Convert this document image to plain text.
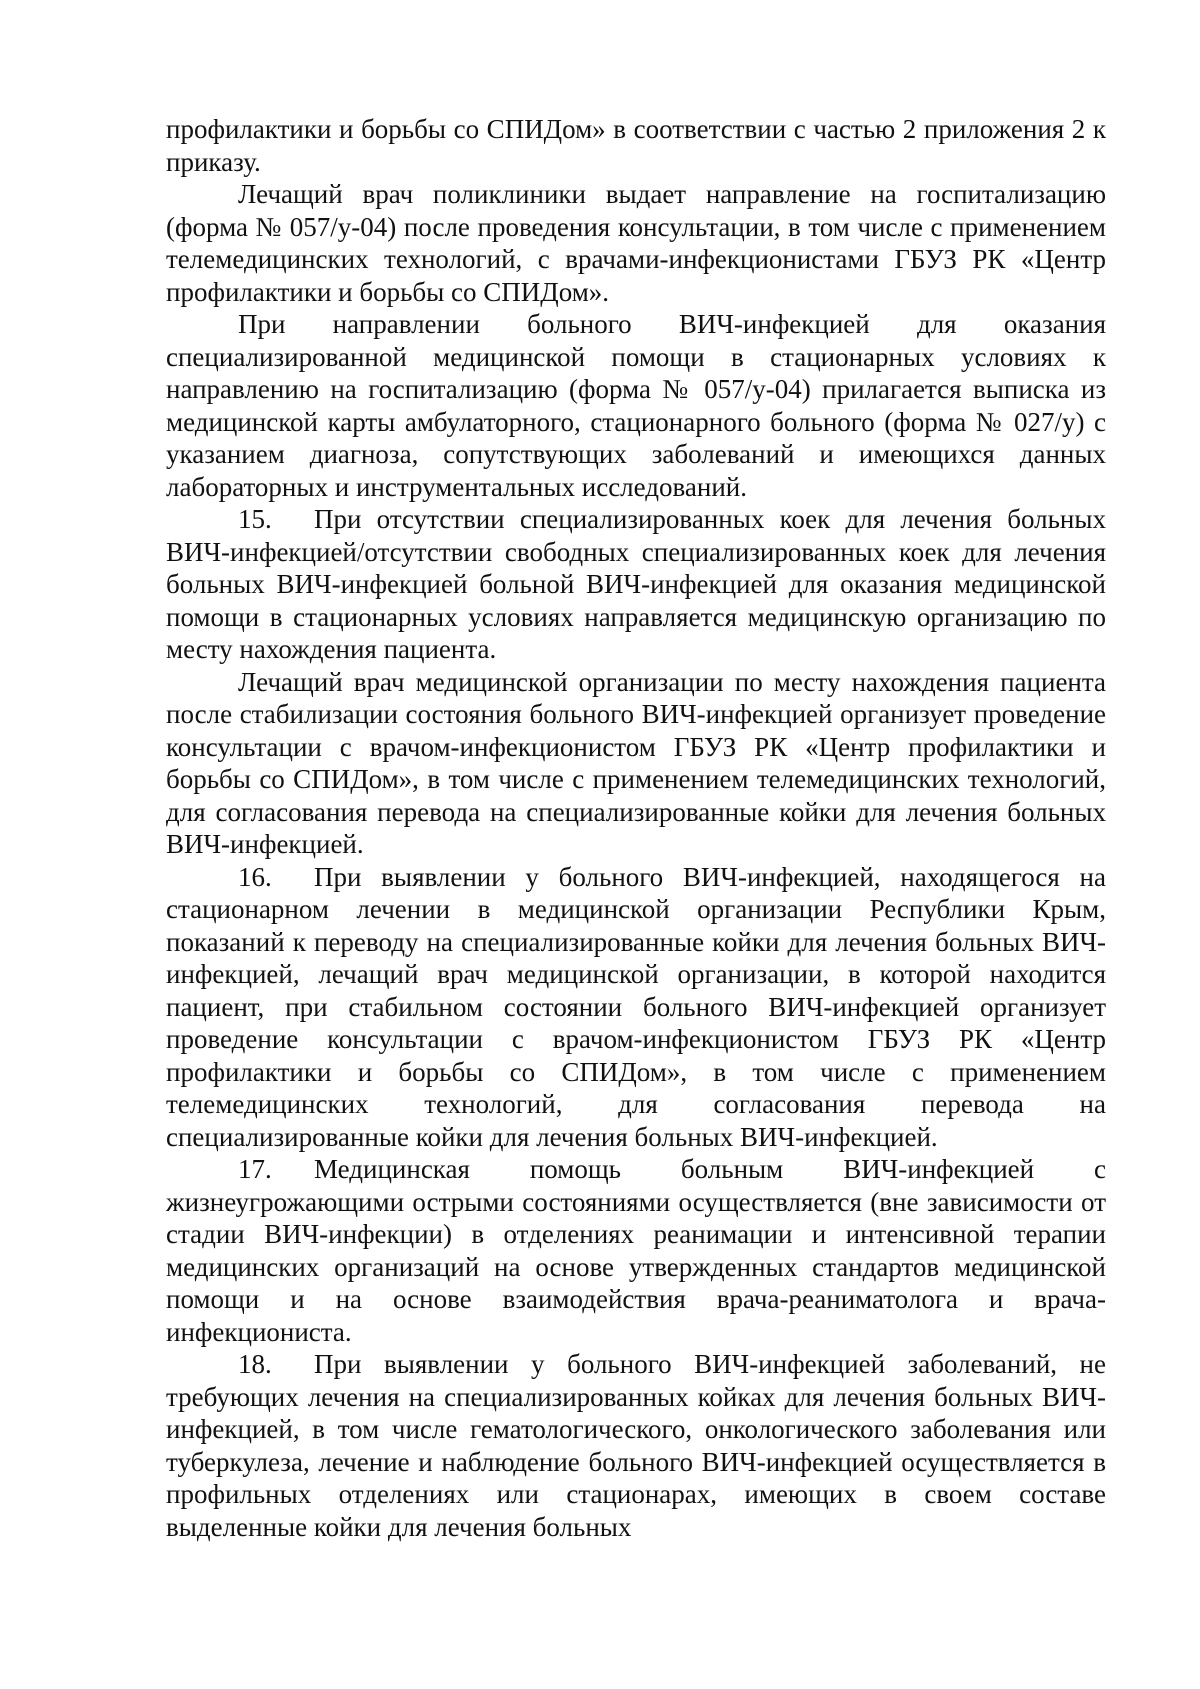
профилактики и борьбы со СПИДом» в соответствии с частью 2 приложения 2 к приказу.

Лечащий врач поликлиники выдает направление на госпитализацию (форма № 057/у-04) после проведения консультации, в том числе с применением телемедицинских технологий, с врачами-инфекционистами ГБУЗ РК «Центр профилактики и борьбы со СПИДом».

При направлении больного ВИЧ-инфекцией для оказания специализированной медицинской помощи в стационарных условиях к направлению на госпитализацию (форма № 057/у-04) прилагается выписка из медицинской карты амбулаторного, стационарного больного (форма № 027/у) с указанием диагноза, сопутствующих заболеваний и имеющихся данных лабораторных и инструментальных исследований.

15. При отсутствии специализированных коек для лечения больных ВИЧ-инфекцией/отсутствии свободных специализированных коек для лечения больных ВИЧ-инфекцией больной ВИЧ-инфекцией для оказания медицинской помощи в стационарных условиях направляется медицинскую организацию по месту нахождения пациента.

Лечащий врач медицинской организации по месту нахождения пациента после стабилизации состояния больного ВИЧ-инфекцией организует проведение консультации с врачом-инфекционистом ГБУЗ РК «Центр профилактики и борьбы со СПИДом», в том числе с применением телемедицинских технологий, для согласования перевода на специализированные койки для лечения больных ВИЧ-инфекцией.

16. При выявлении у больного ВИЧ-инфекцией, находящегося на стационарном лечении в медицинской организации Республики Крым, показаний к переводу на специализированные койки для лечения больных ВИЧ-инфекцией, лечащий врач медицинской организации, в которой находится пациент, при стабильном состоянии больного ВИЧ-инфекцией организует проведение консультации с врачом-инфекционистом ГБУЗ РК «Центр профилактики и борьбы со СПИДом», в том числе с применением телемедицинских технологий, для согласования перевода на специализированные койки для лечения больных ВИЧ-инфекцией.

17. Медицинская помощь больным ВИЧ-инфекцией с жизнеугрожающими острыми состояниями осуществляется (вне зависимости от стадии ВИЧ-инфекции) в отделениях реанимации и интенсивной терапии медицинских организаций на основе утвержденных стандартов медицинской помощи и на основе взаимодействия врача-реаниматолога и врача-инфекциониста.

18. При выявлении у больного ВИЧ-инфекцией заболеваний, не требующих лечения на специализированных койках для лечения больных ВИЧ-инфекцией, в том числе гематологического, онкологического заболевания или туберкулеза, лечение и наблюдение больного ВИЧ-инфекцией осуществляется в профильных отделениях или стационарах, имеющих в своем составе выделенные койки для лечения больных
